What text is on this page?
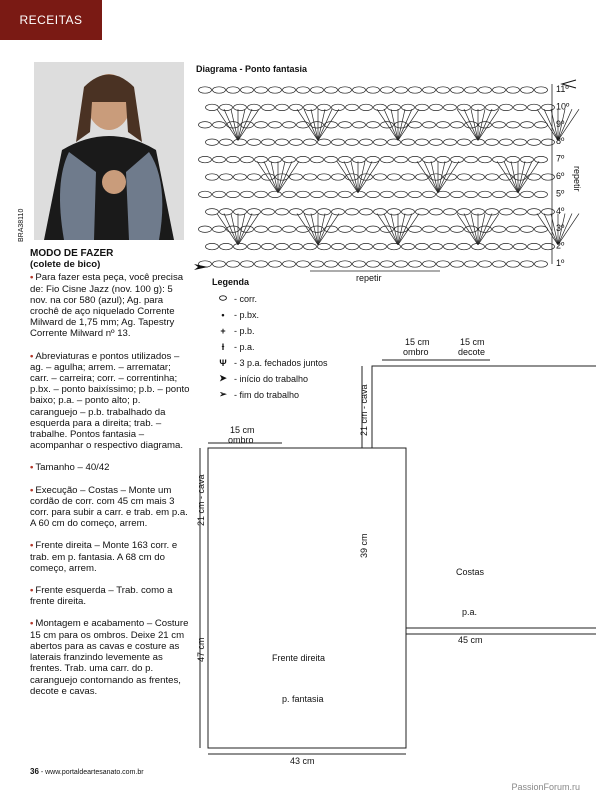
RECEITAS
BRA38110
MODO DE FAZER
(colete de bico)
• Para fazer esta peça, você precisa de: Fio Cisne Jazz (nov. 100 g): 5 nov. na cor 580 (azul); Ag. para crochê de aço niquelado Corrente Milward de 1,75 mm; Ag. Tapestry Corrente Milward nº 13.
• Abreviaturas e pontos utilizados – ag. – agulha; arrem. – arrematar; carr. – carreira; corr. – correntinha; p.bx. – ponto baixíssimo; p.b. – ponto baixo; p.a. – ponto alto; p. caranguejo – p.b. trabalhado da esquerda para a direita; trab. – trabalhe. Pontos fantasia – acompanhar o respectivo diagrama.
• Tamanho – 40/42
• Execução – Costas – Monte um cordão de corr. com 45 cm mais 3 corr. para subir a carr. e trab. em p.a. A 60 cm do começo, arrem.
• Frente direita – Monte 163 corr. e trab. em p. fantasia. A 68 cm do começo, arrem.
• Frente esquerda – Trab. como a frente direita.
• Montagem e acabamento – Costure 15 cm para os ombros. Deixe 21 cm abertos para as cavas e costure as laterais franzindo levemente as frentes. Trab. uma carr. do p. caranguejo contornando as frentes, decote e cavas.
36 - www.portaldeartesanato.com.br
PassionForum.ru
Diagrama - Ponto fantasia
1º
2º
3º
4º
5º
6º
7º
8º
9º
10º
11º
repetir
repetir
Legenda
⬭ - corr.
•	- p.bx.
+ - p.b.
ƚ	- p.a.
Ψ - 3 p.a. fechados juntos
➤ - início do trabalho
➢ - fim do trabalho
15 cm
ombro
15 cm
decote
21 cm - cava
39 cm
Costas
p.a.
45 cm
15 cm
ombro
21 cm - cava
47 cm	Frente direita
p. fantasia
43 cm
